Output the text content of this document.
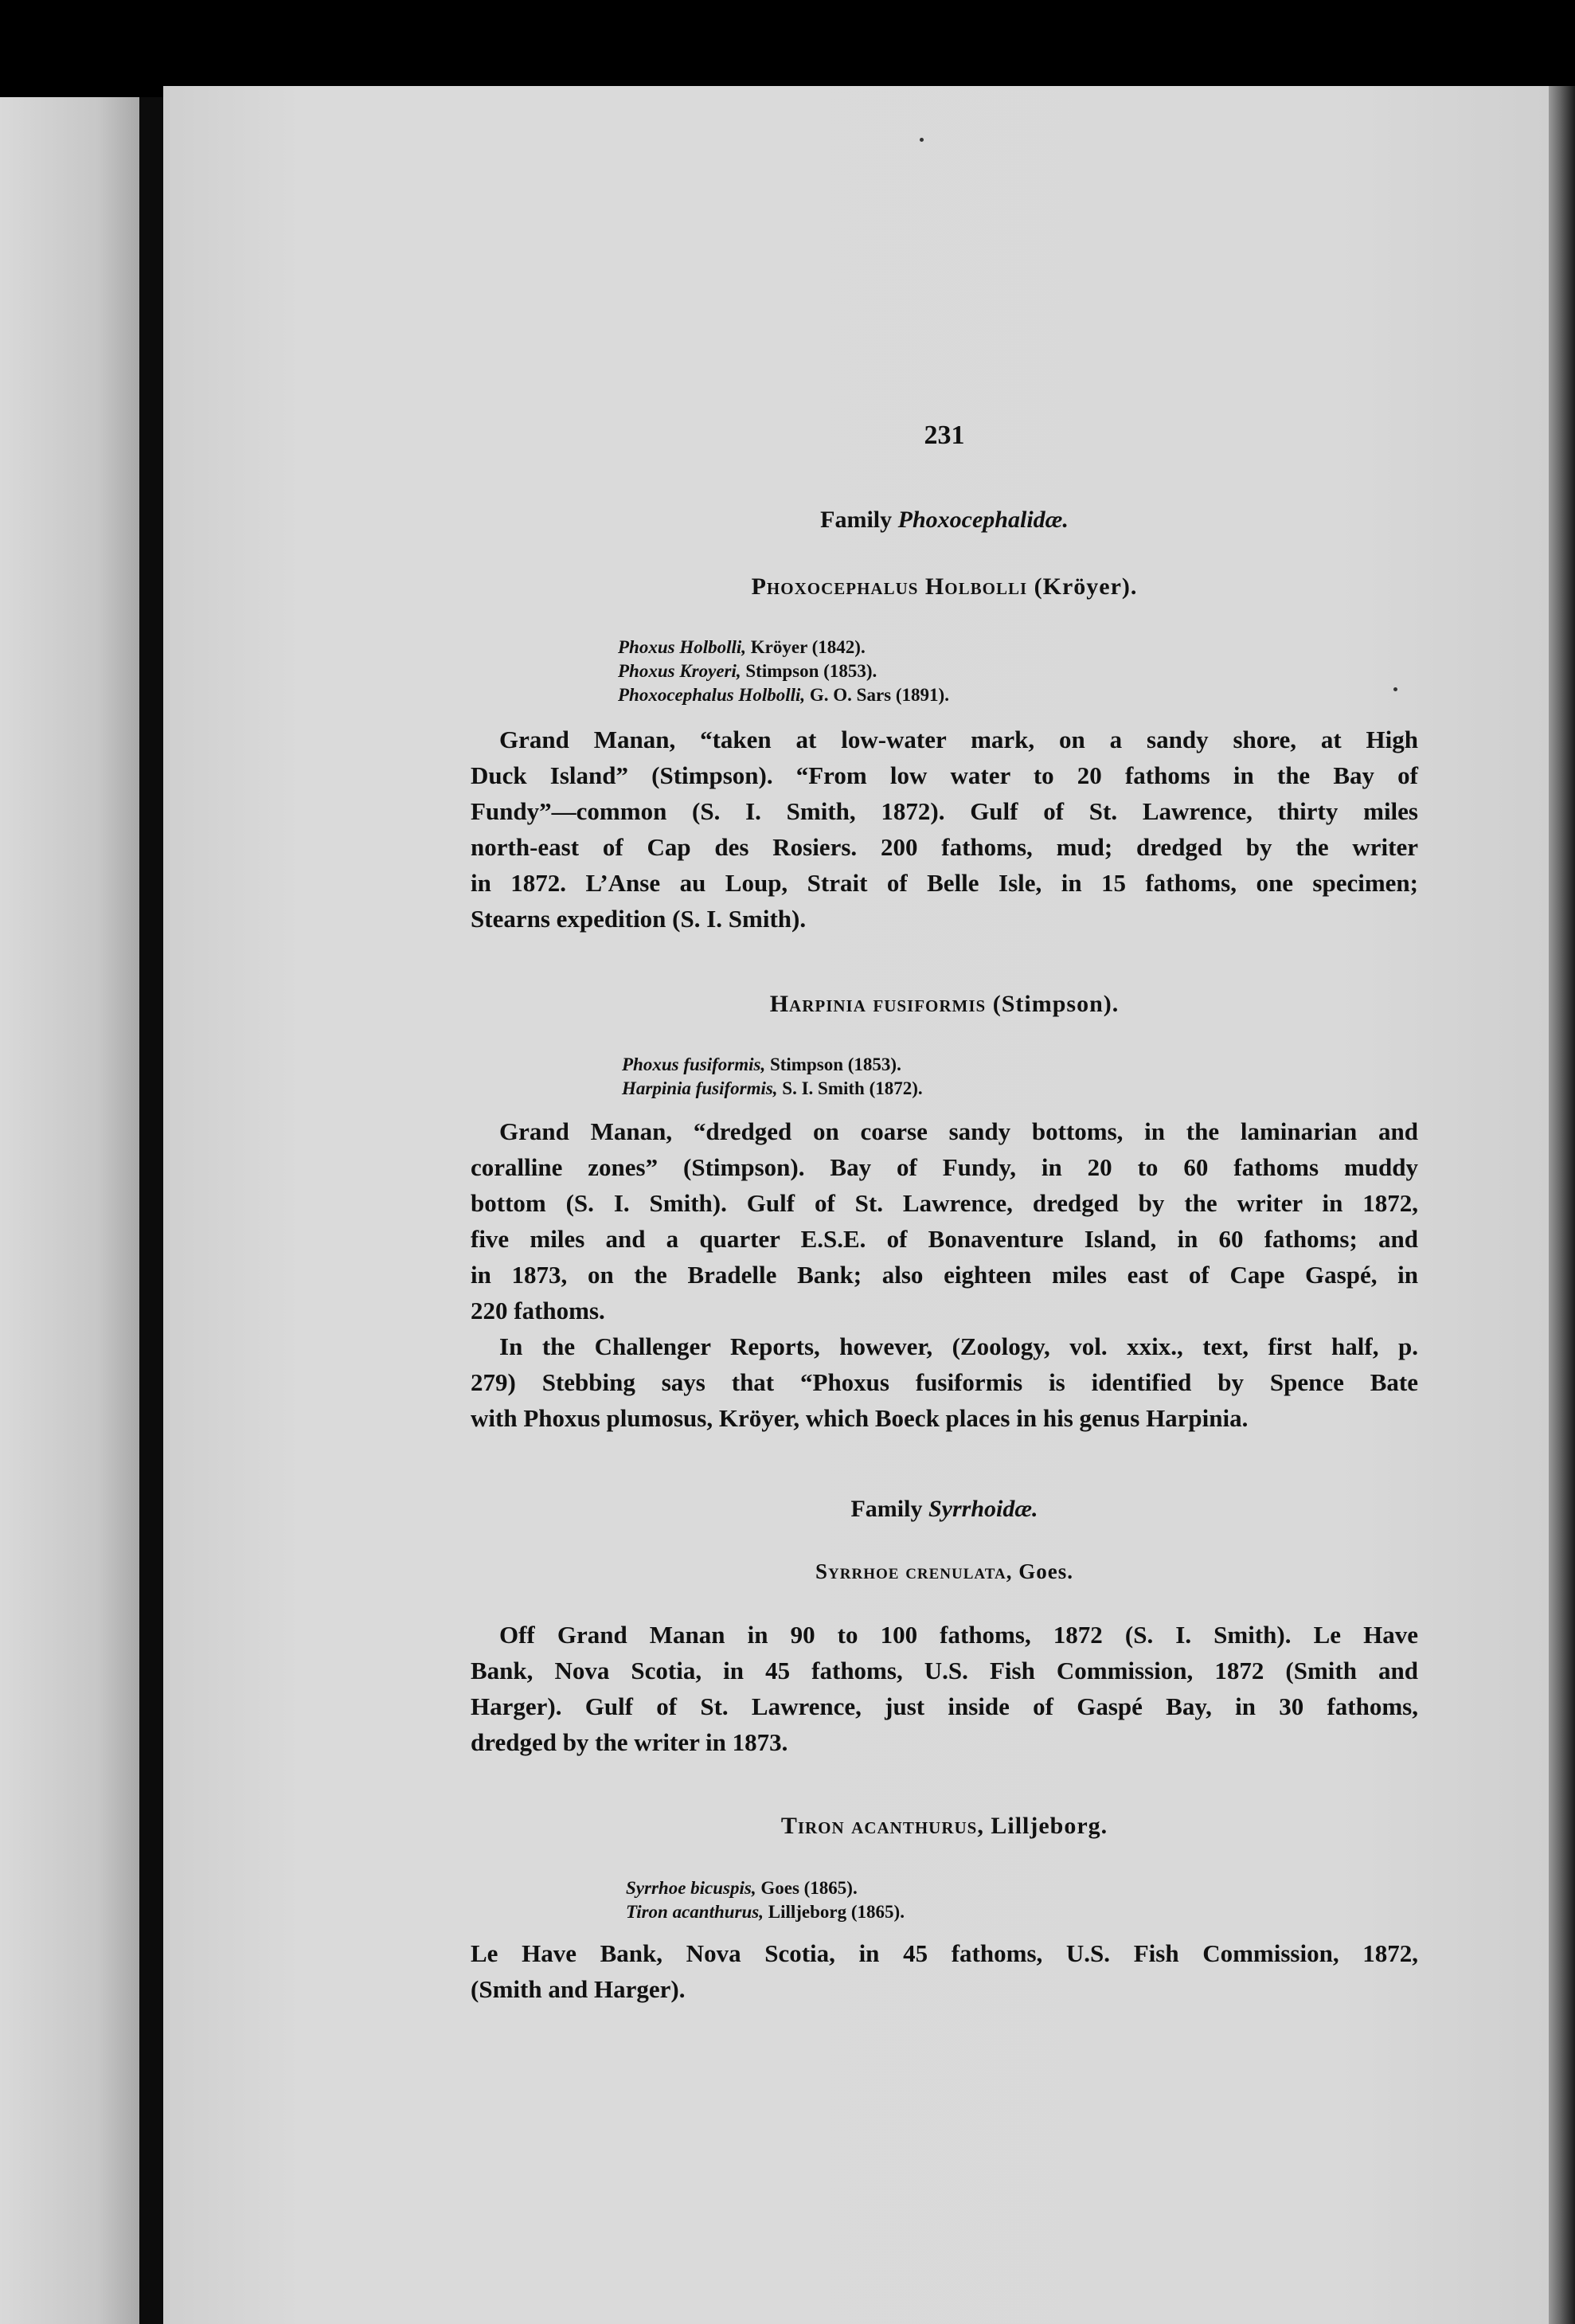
231
Family Phoxocephalidæ.
Phoxocephalus Holbolli (Kröyer).
Phoxus Holbolli, Kröyer (1842).
Phoxus Kroyeri, Stimpson (1853).
Phoxocephalus Holbolli, G. O. Sars (1891).
Grand Manan, “taken at low-water mark, on a sandy shore, at High
Duck Island” (Stimpson). “From low water to 20 fathoms in the Bay of
Fundy”—common (S. I. Smith, 1872). Gulf of St. Lawrence, thirty miles
north-east of Cap des Rosiers. 200 fathoms, mud; dredged by the writer
in 1872. L’Anse au Loup, Strait of Belle Isle, in 15 fathoms, one specimen;
Stearns expedition (S. I. Smith).
Harpinia fusiformis (Stimpson).
Phoxus fusiformis, Stimpson (1853).
Harpinia fusiformis, S. I. Smith (1872).
Grand Manan, “dredged on coarse sandy bottoms, in the laminarian and
coralline zones” (Stimpson). Bay of Fundy, in 20 to 60 fathoms muddy
bottom (S. I. Smith). Gulf of St. Lawrence, dredged by the writer in 1872,
five miles and a quarter E.S.E. of Bonaventure Island, in 60 fathoms; and
in 1873, on the Bradelle Bank; also eighteen miles east of Cape Gaspé, in
220 fathoms.
In the Challenger Reports, however, (Zoology, vol. xxix., text, first half, p.
279) Stebbing says that “Phoxus fusiformis is identified by Spence Bate
with Phoxus plumosus, Kröyer, which Boeck places in his genus Harpinia.
Family Syrrhoidæ.
Syrrhoe crenulata, Goes.
Off Grand Manan in 90 to 100 fathoms, 1872 (S. I. Smith). Le Have
Bank, Nova Scotia, in 45 fathoms, U.S. Fish Commission, 1872 (Smith and
Harger). Gulf of St. Lawrence, just inside of Gaspé Bay, in 30 fathoms,
dredged by the writer in 1873.
Tiron acanthurus, Lilljeborg.
Syrrhoe bicuspis, Goes (1865).
Tiron acanthurus, Lilljeborg (1865).
Le Have Bank, Nova Scotia, in 45 fathoms, U.S. Fish Commission, 1872,
(Smith and Harger).
